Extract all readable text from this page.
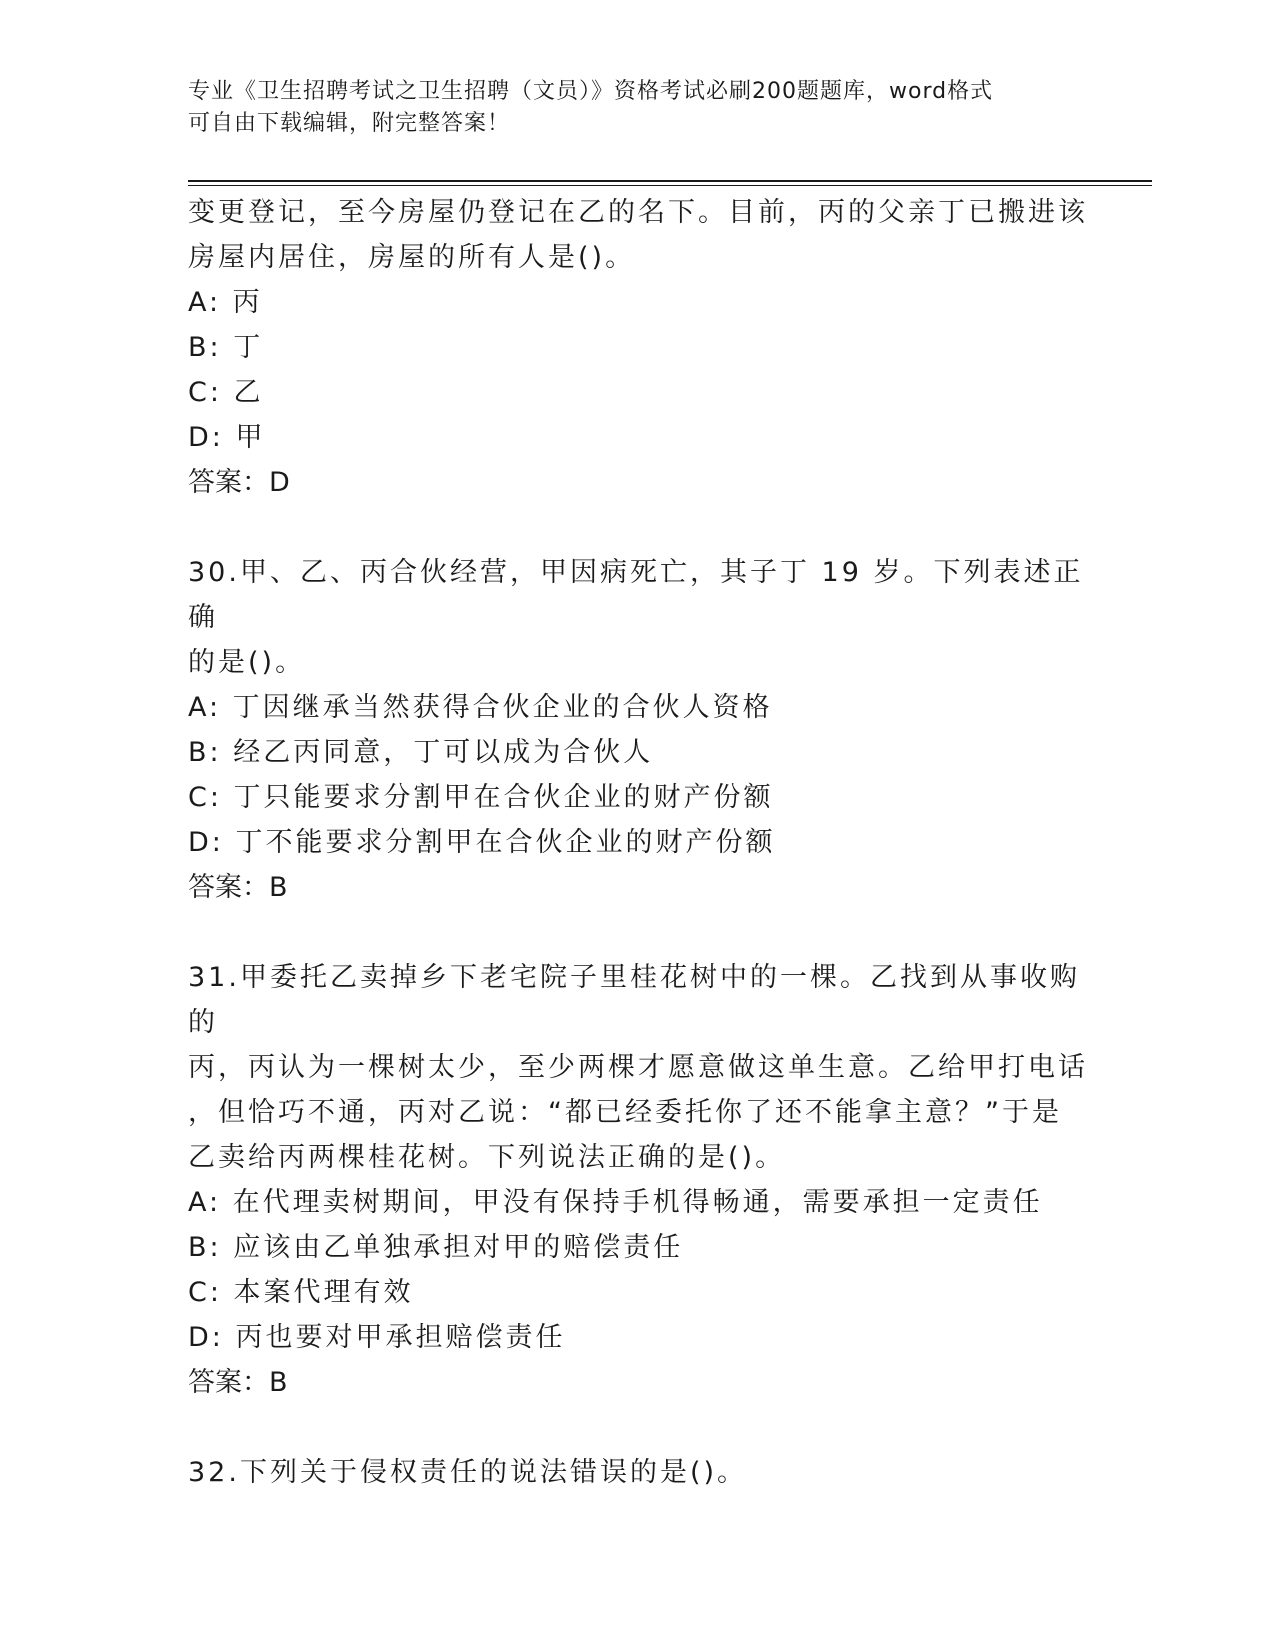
专业《卫生招聘考试之卫生招聘（文员）》资格考试必刷200题题库，word格式
可自由下载编辑，附完整答案！

变更登记，至今房屋仍登记在乙的名下。目前，丙的父亲丁已搬进该

房屋内居住，房屋的所有人是()。

A: 丙

B: 丁

C: 乙

D: 甲

答案：D

30.甲、乙、丙合伙经营，甲因病死亡，其子丁 19 岁。下列表述正确

的是()。

A: 丁因继承当然获得合伙企业的合伙人资格

B: 经乙丙同意，丁可以成为合伙人

C: 丁只能要求分割甲在合伙企业的财产份额

D: 丁不能要求分割甲在合伙企业的财产份额

答案：B

31.甲委托乙卖掉乡下老宅院子里桂花树中的一棵。乙找到从事收购的

丙，丙认为一棵树太少，至少两棵才愿意做这单生意。乙给甲打电话

，但恰巧不通，丙对乙说：“都已经委托你了还不能拿主意？”于是

乙卖给丙两棵桂花树。下列说法正确的是()。

A: 在代理卖树期间，甲没有保持手机得畅通，需要承担一定责任

B: 应该由乙单独承担对甲的赔偿责任

C: 本案代理有效

D: 丙也要对甲承担赔偿责任

答案：B

32.下列关于侵权责任的说法错误的是()。
